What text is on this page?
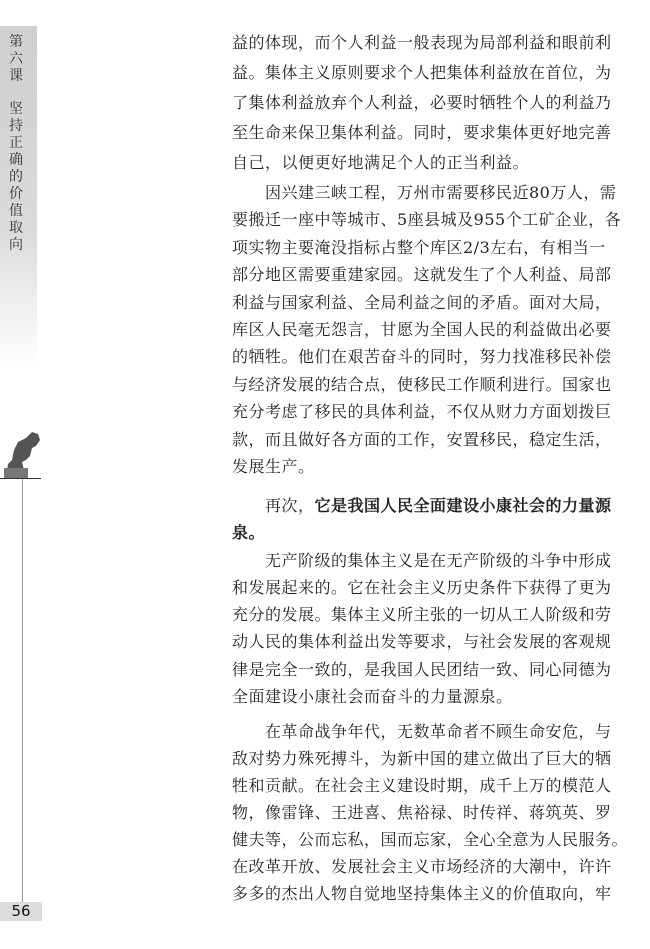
第六课
坚持正确的价值取向
56
益的体现，而个人利益一般表现为局部利益和眼前利
益。集体主义原则要求个人把集体利益放在首位，为
了集体利益放弃个人利益，必要时牺牲个人的利益乃
至生命来保卫集体利益。同时，要求集体更好地完善
自己，以便更好地满足个人的正当利益。
　　因兴建三峡工程，万州市需要移民近80万人，需
要搬迁一座中等城市、5座县城及955个工矿企业，各
项实物主要淹没指标占整个库区2/3左右，有相当一
部分地区需要重建家园。这就发生了个人利益、局部
利益与国家利益、全局利益之间的矛盾。面对大局，
库区人民毫无怨言，甘愿为全国人民的利益做出必要
的牺牲。他们在艰苦奋斗的同时，努力找准移民补偿
与经济发展的结合点，使移民工作顺利进行。国家也
充分考虑了移民的具体利益，不仅从财力方面划拨巨
款，而且做好各方面的工作，安置移民，稳定生活，
发展生产。
　　再次，它是我国人民全面建设小康社会的力量源
泉。
　　无产阶级的集体主义是在无产阶级的斗争中形成
和发展起来的。它在社会主义历史条件下获得了更为
充分的发展。集体主义所主张的一切从工人阶级和劳
动人民的集体利益出发等要求，与社会发展的客观规
律是完全一致的，是我国人民团结一致、同心同德为
全面建设小康社会而奋斗的力量源泉。
　　在革命战争年代，无数革命者不顾生命安危，与
敌对势力殊死搏斗，为新中国的建立做出了巨大的牺
牲和贡献。在社会主义建设时期，成千上万的模范人
物，像雷锋、王进喜、焦裕禄、时传祥、蒋筑英、罗
健夫等，公而忘私，国而忘家，全心全意为人民服务。
在改革开放、发展社会主义市场经济的大潮中，许许
多多的杰出人物自觉地坚持集体主义的价值取向，牢
